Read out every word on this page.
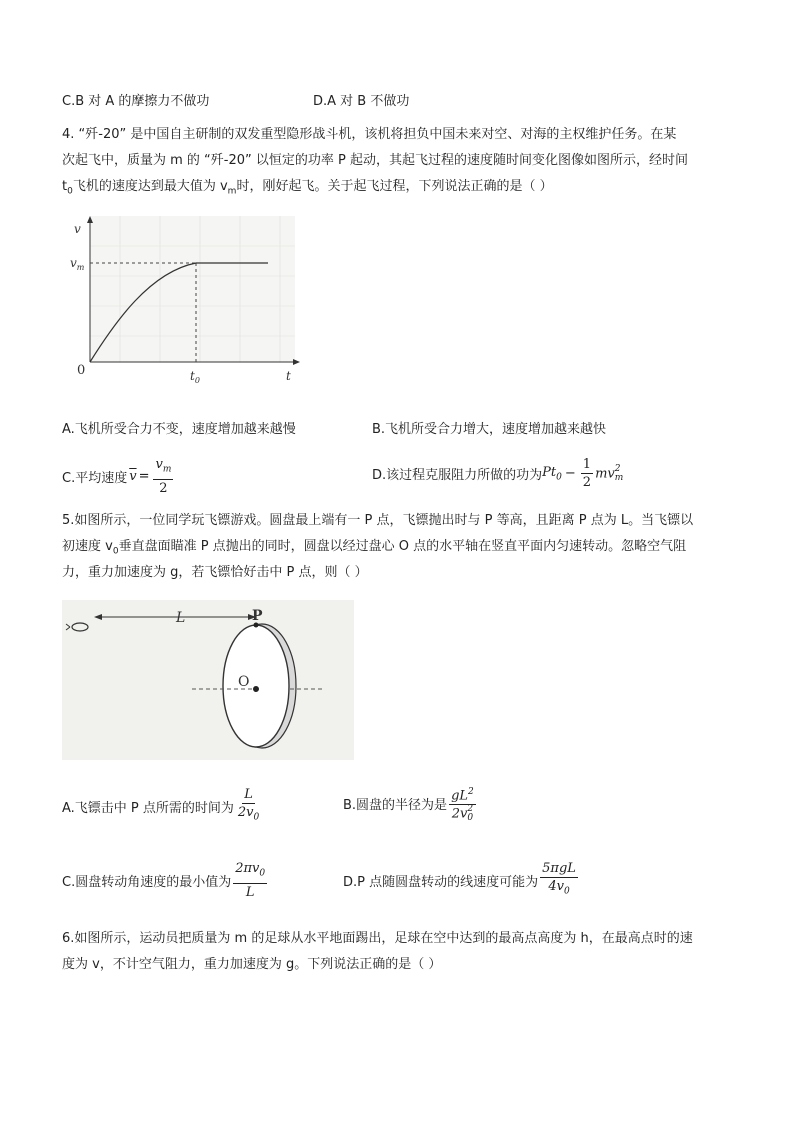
C.B 对 A 的摩擦力不做功	D.A 对 B 不做功
4. “歼-20” 是中国自主研制的双发重型隐形战斗机，该机将担负中国未来对空、对海的主权维护任务。在某
次起飞中，质量为 m 的 “歼-20” 以恒定的功率 P 起动，其起飞过程的速度随时间变化图像如图所示，经时间
$t_0$飞机的速度达到最大值为 $v_m$时，刚好起飞。关于起飞过程，下列说法正确的是（ ）
v
$v_m$
0	$t_0$	t
A.飞机所受合力不变，速度增加越来越慢	B.飞机所受合力增大，速度增加越来越快
C.平均速度 $\overline{v} = \frac{v_m}{2}$	D.该过程克服阻力所做的功为 $Pt_0 - \frac{1}{2}$ mv 2
m
5.如图所示，一位同学玩飞镖游戏。圆盘最上端有一 P 点，飞镖抛出时与 P 等高，且距离 P 点为 L。当飞镖以
初速度 $v_0$垂直盘面瞄准 P 点抛出的同时，圆盘以经过盘心 O 点的水平轴在竖直平面内匀速转动。忽略空气阻
力，重力加速度为 g，若飞镖恰好击中 P 点，则（ ）
L
O
P
A.飞镖击中 P 点所需的时间为 $\frac{L}{2v_0}$	B.圆盘的半径为是 $gL^2$
2v 2
0
C.圆盘转动角速度的最小值为 $\frac{2\pi v_0}{L}$	D.P 点随圆盘转动的线速度可能为 $\frac{\text{5πgL}}{4v_0}$
6.如图所示，运动员把质量为 m 的足球从水平地面踢出，足球在空中达到的最高点高度为 h，在最高点时的速
度为 v，不计空气阻力，重力加速度为 g。下列说法正确的是（ ）
